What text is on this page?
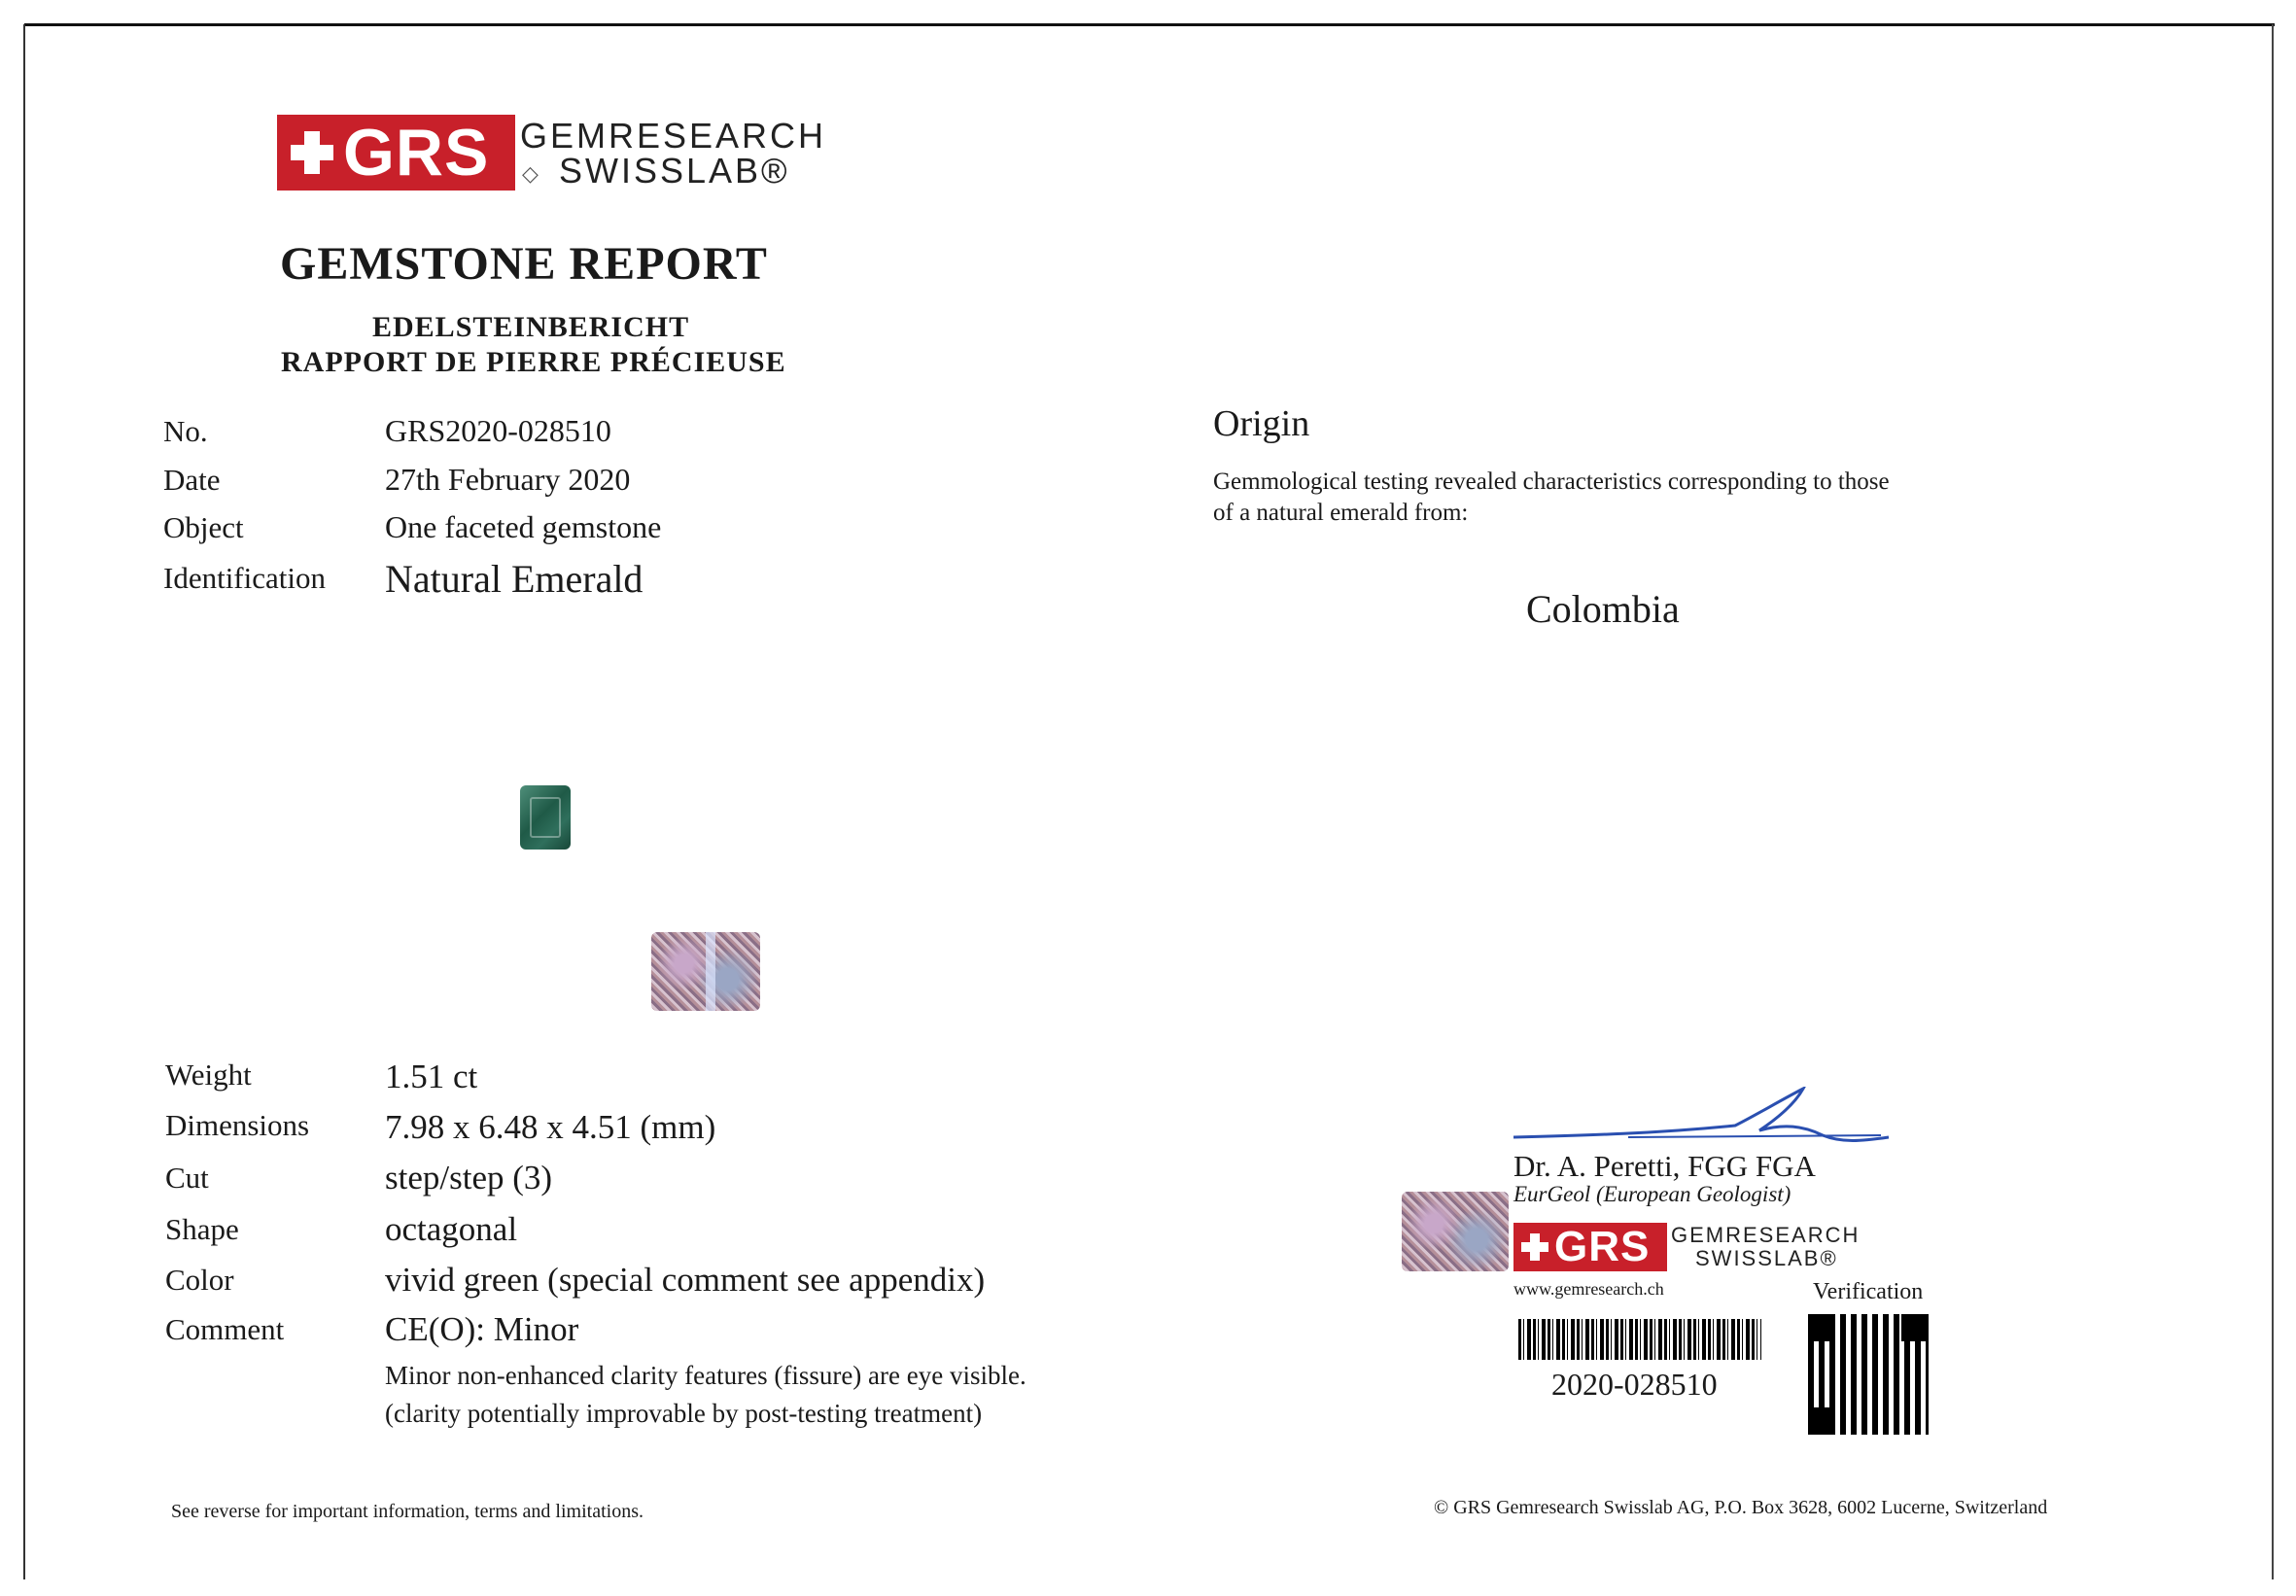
GRS GEMRESEARCH
◇ SWISSLAB®
GEMSTONE REPORT
EDELSTEINBERICHT
RAPPORT DE PIERRE PRÉCIEUSE
No.	GRS2020-028510
Date	27th February 2020
Object	One faceted gemstone
Identification Natural Emerald
Weight	1.51 ct
Dimensions 7.98 x 6.48 x 4.51 (mm)
Cut	step/step (3)
Shape	octagonal
Color	vivid green (special comment see appendix)
Comment	CE(O): Minor
Minor non-enhanced clarity features (fissure) are eye visible.
(clarity potentially improvable by post-testing treatment)
Origin
Gemmological testing revealed characteristics corresponding to those
of a natural emerald from:
Colombia
Dr. A. Peretti, FGG FGA
EurGeol (European Geologist)
GRS GEMRESEARCH
SWISSLAB®
www.gemresearch.ch	Verification
2020-028510
See reverse for important information, terms and limitations.	© GRS Gemresearch Swisslab AG, P.O. Box 3628, 6002 Lucerne, Switzerland
